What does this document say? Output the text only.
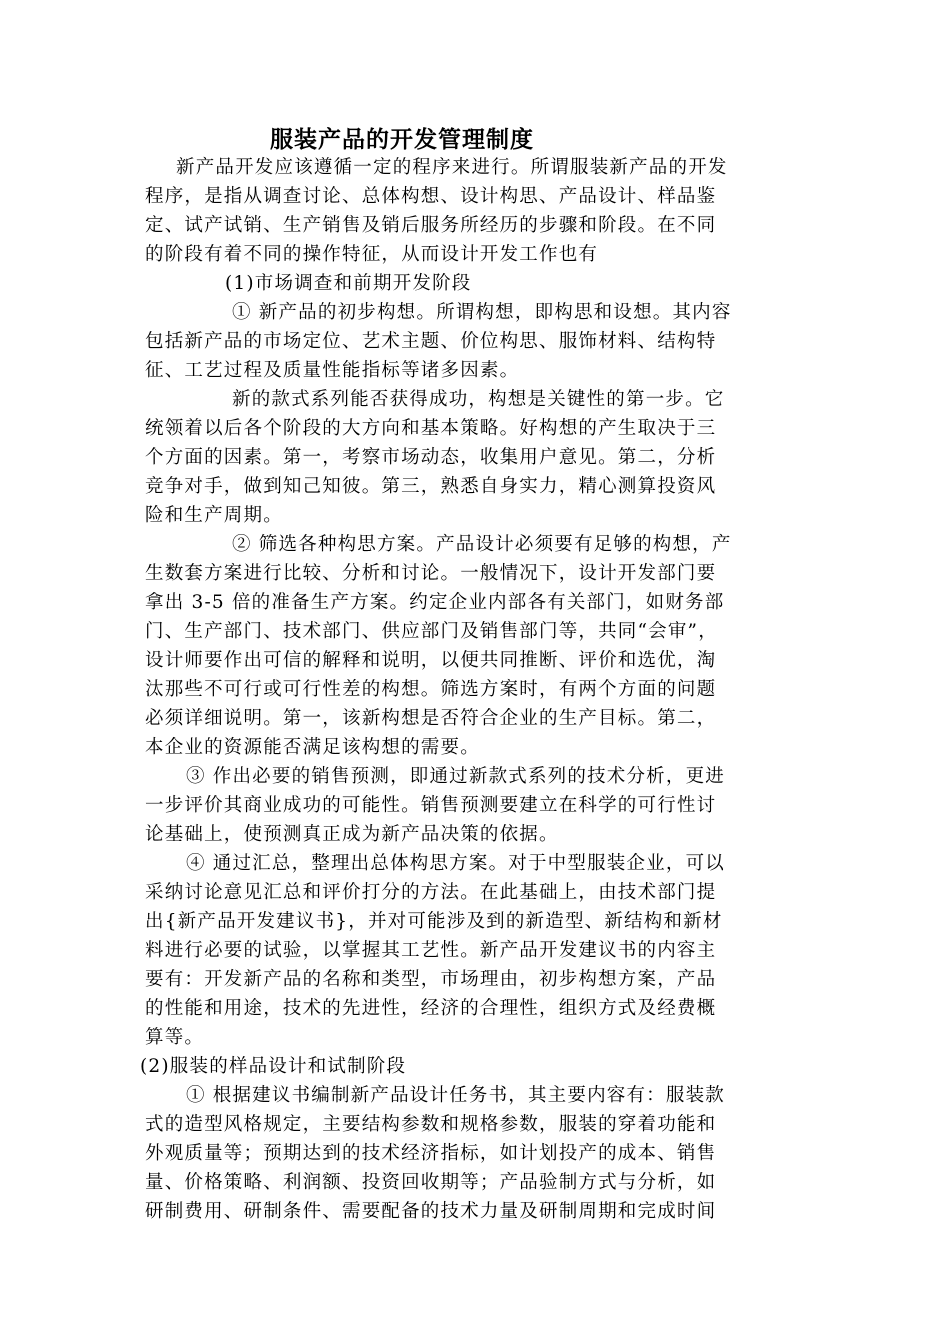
服装产品的开发管理制度
新产品开发应该遵循一定的程序来进行。所谓服装新产品的开发
程序，是指从调查讨论、总体构想、设计构思、产品设计、样品鉴
定、试产试销、生产销售及销后服务所经历的步骤和阶段。在不同
的阶段有着不同的操作特征，从而设计开发工作也有
(1)市场调查和前期开发阶段
① 新产品的初步构想。所谓构想，即构思和设想。其内容
包括新产品的市场定位、艺术主题、价位构思、服饰材料、结构特
征、工艺过程及质量性能指标等诸多因素。
新的款式系列能否获得成功，构想是关键性的第一步。它
统领着以后各个阶段的大方向和基本策略。好构想的产生取决于三
个方面的因素。第一，考察市场动态，收集用户意见。第二，分析
竞争对手，做到知己知彼。第三，熟悉自身实力，精心测算投资风
险和生产周期。
② 筛选各种构思方案。产品设计必须要有足够的构想，产
生数套方案进行比较、分析和讨论。一般情况下，设计开发部门要
拿出 3-5 倍的准备生产方案。约定企业内部各有关部门，如财务部
门、生产部门、技术部门、供应部门及销售部门等，共同“会审”，
设计师要作出可信的解释和说明，以便共同推断、评价和选优，淘
汰那些不可行或可行性差的构想。筛选方案时，有两个方面的问题
必须详细说明。第一，该新构想是否符合企业的生产目标。第二，
本企业的资源能否满足该构想的需要。
③ 作出必要的销售预测，即通过新款式系列的技术分析，更进
一步评价其商业成功的可能性。销售预测要建立在科学的可行性讨
论基础上，使预测真正成为新产品决策的依据。
④ 通过汇总，整理出总体构思方案。对于中型服装企业，可以
采纳讨论意见汇总和评价打分的方法。在此基础上，由技术部门提
出{新产品开发建议书}，并对可能涉及到的新造型、新结构和新材
料进行必要的试验，以掌握其工艺性。新产品开发建议书的内容主
要有：开发新产品的名称和类型，市场理由，初步构想方案，产品
的性能和用途，技术的先进性，经济的合理性，组织方式及经费概
算等。
(2)服装的样品设计和试制阶段
① 根据建议书编制新产品设计任务书，其主要内容有：服装款
式的造型风格规定，主要结构参数和规格参数，服装的穿着功能和
外观质量等；预期达到的技术经济指标，如计划投产的成本、销售
量、价格策略、利润额、投资回收期等；产品验制方式与分析，如
研制费用、研制条件、需要配备的技术力量及研制周期和完成时间
